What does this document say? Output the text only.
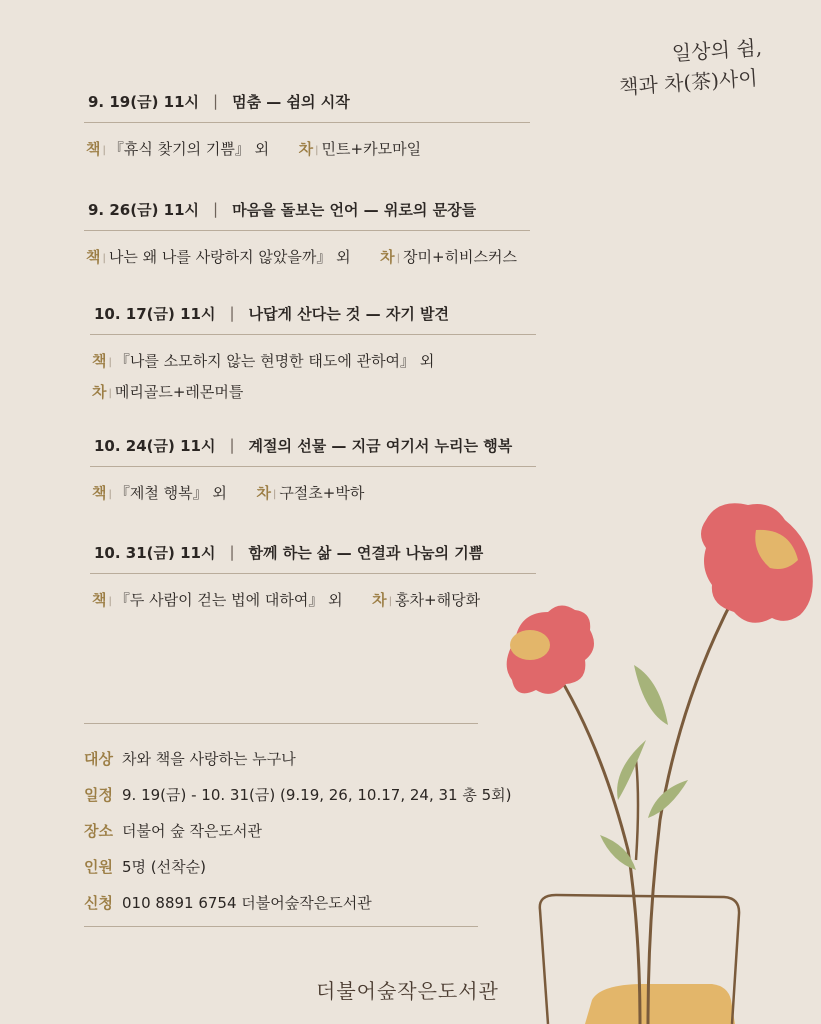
일상의 쉼,
책과 차(茶)사이
9. 19(금) 11시 | 멈춤 — 쉼의 시작
책 | 『휴식 찾기의 기쁨』 외 차 | 민트+카모마일
9. 26(금) 11시 | 마음을 돌보는 언어 — 위로의 문장들
책 | 나는 왜 나를 사랑하지 않았을까』 외 차 | 장미+히비스커스
10. 17(금) 11시 | 나답게 산다는 것 — 자기 발견
책 | 『나를 소모하지 않는 현명한 태도에 관하여』 외
차 | 메리골드+레몬머틀
10. 24(금) 11시 | 계절의 선물 — 지금 여기서 누리는 행복
책 | 『제철 행복』 외 차 | 구절초+박하
10. 31(금) 11시 | 함께 하는 삶 — 연결과 나눔의 기쁨
책 | 『두 사람이 걷는 법에 대하여』 외 차 | 홍차+해당화
대상 차와 책을 사랑하는 누구나
일정 9. 19(금) - 10. 31(금) (9.19, 26, 10.17, 24, 31 총 5회)
장소 더불어 숲 작은도서관
인원 5명 (선착순)
신청 010 8891 6754 더불어숲작은도서관
더불어숲작은도서관
